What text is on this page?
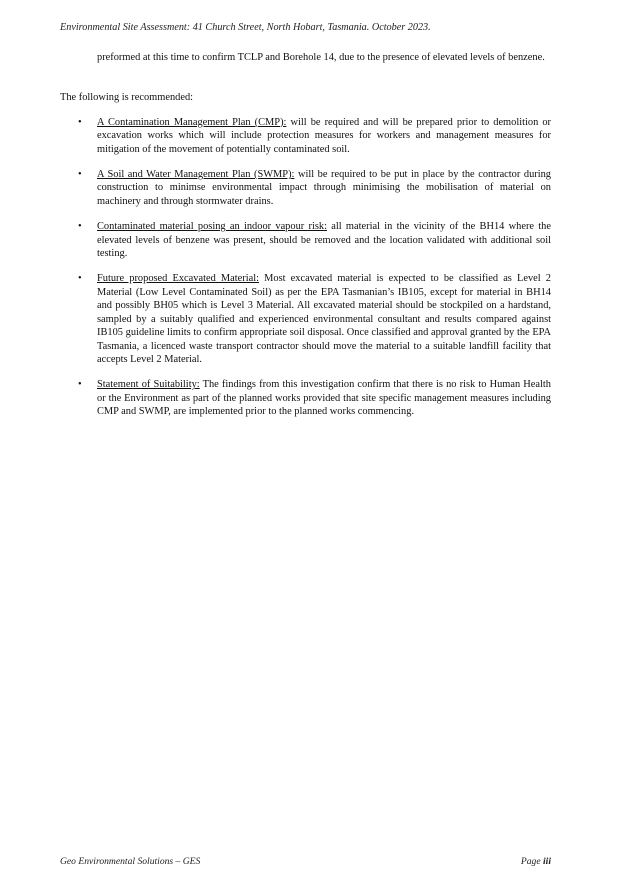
Environmental Site Assessment: 41 Church Street, North Hobart, Tasmania. October 2023.

preformed at this time to confirm TCLP and Borehole 14, due to the presence of elevated levels of benzene.

The following is recommended:

• A Contamination Management Plan (CMP): will be required and will be prepared prior to demolition or excavation works which will include protection measures for workers and management measures for mitigation of the movement of potentially contaminated soil.
• A Soil and Water Management Plan (SWMP): will be required to be put in place by the contractor during construction to minimse environmental impact through minimising the mobilisation of material on machinery and through stormwater drains.
• Contaminated material posing an indoor vapour risk: all material in the vicinity of the BH14 where the elevated levels of benzene was present, should be removed and the location validated with additional soil testing.
• Future proposed Excavated Material: Most excavated material is expected to be classified as Level 2 Material (Low Level Contaminated Soil) as per the EPA Tasmanian’s IB105, except for material in BH14 and possibly BH05 which is Level 3 Material. All excavated material should be stockpiled on a hardstand, sampled by a suitably qualified and experienced environmental consultant and results compared against IB105 guideline limits to confirm appropriate soil disposal. Once classified and approval granted by the EPA Tasmania, a licenced waste transport contractor should move the material to a suitable landfill facility that accepts Level 2 Material.
• Statement of Suitability: The findings from this investigation confirm that there is no risk to Human Health or the Environment as part of the planned works provided that site specific management measures including CMP and SWMP, are implemented prior to the planned works commencing.
Geo Environmental Solutions – GES	Page iii
